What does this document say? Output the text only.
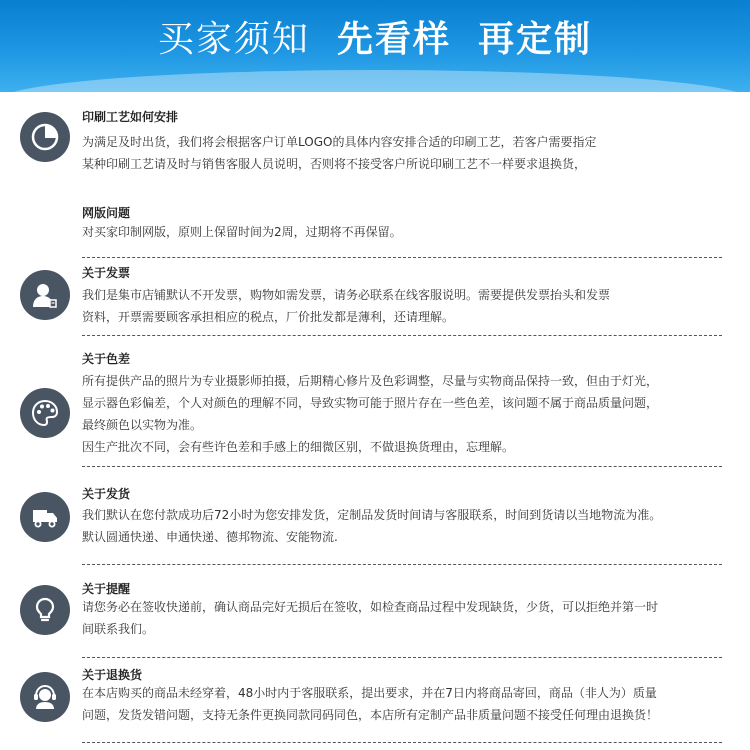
买家须知 先看样 再定制
印刷工艺如何安排

为满足及时出货，我们将会根据客户订单LOGO的具体内容安排合适的印刷工艺，若客户需要指定

某种印刷工艺请及时与销售客服人员说明，否则将不接受客户所说印刷工艺不一样要求退换货，

网版问题

对买家印制网版，原则上保留时间为2周，过期将不再保留。

关于发票

我们是集市店铺默认不开发票，购物如需发票，请务必联系在线客服说明。需要提供发票抬头和发票

资料，开票需要顾客承担相应的税点，厂价批发都是薄利，还请理解。

关于色差

所有提供产品的照片为专业摄影师拍摄，后期精心修片及色彩调整，尽量与实物商品保持一致，但由于灯光，

显示器色彩偏差，个人对颜色的理解不同，导致实物可能于照片存在一些色差，该问题不属于商品质量问题，

最终颜色以实物为准。

因生产批次不同，会有些许色差和手感上的细微区别，不做退换货理由，忘理解。

关于发货

我们默认在您付款成功后72小时为您安排发货，定制品发货时间请与客服联系，时间到货请以当地物流为准。

默认圆通快递、申通快递、德邦物流、安能物流.

关于提醒

请您务必在签收快递前，确认商品完好无损后在签收，如检查商品过程中发现缺货，少货，可以拒绝并第一时

间联系我们。

关于退换货

在本店购买的商品未经穿着，48小时内于客服联系，提出要求，并在7日内将商品寄回，商品（非人为）质量

问题，发货发错问题，支持无条件更换同款同码同色，本店所有定制产品非质量问题不接受任何理由退换货！
